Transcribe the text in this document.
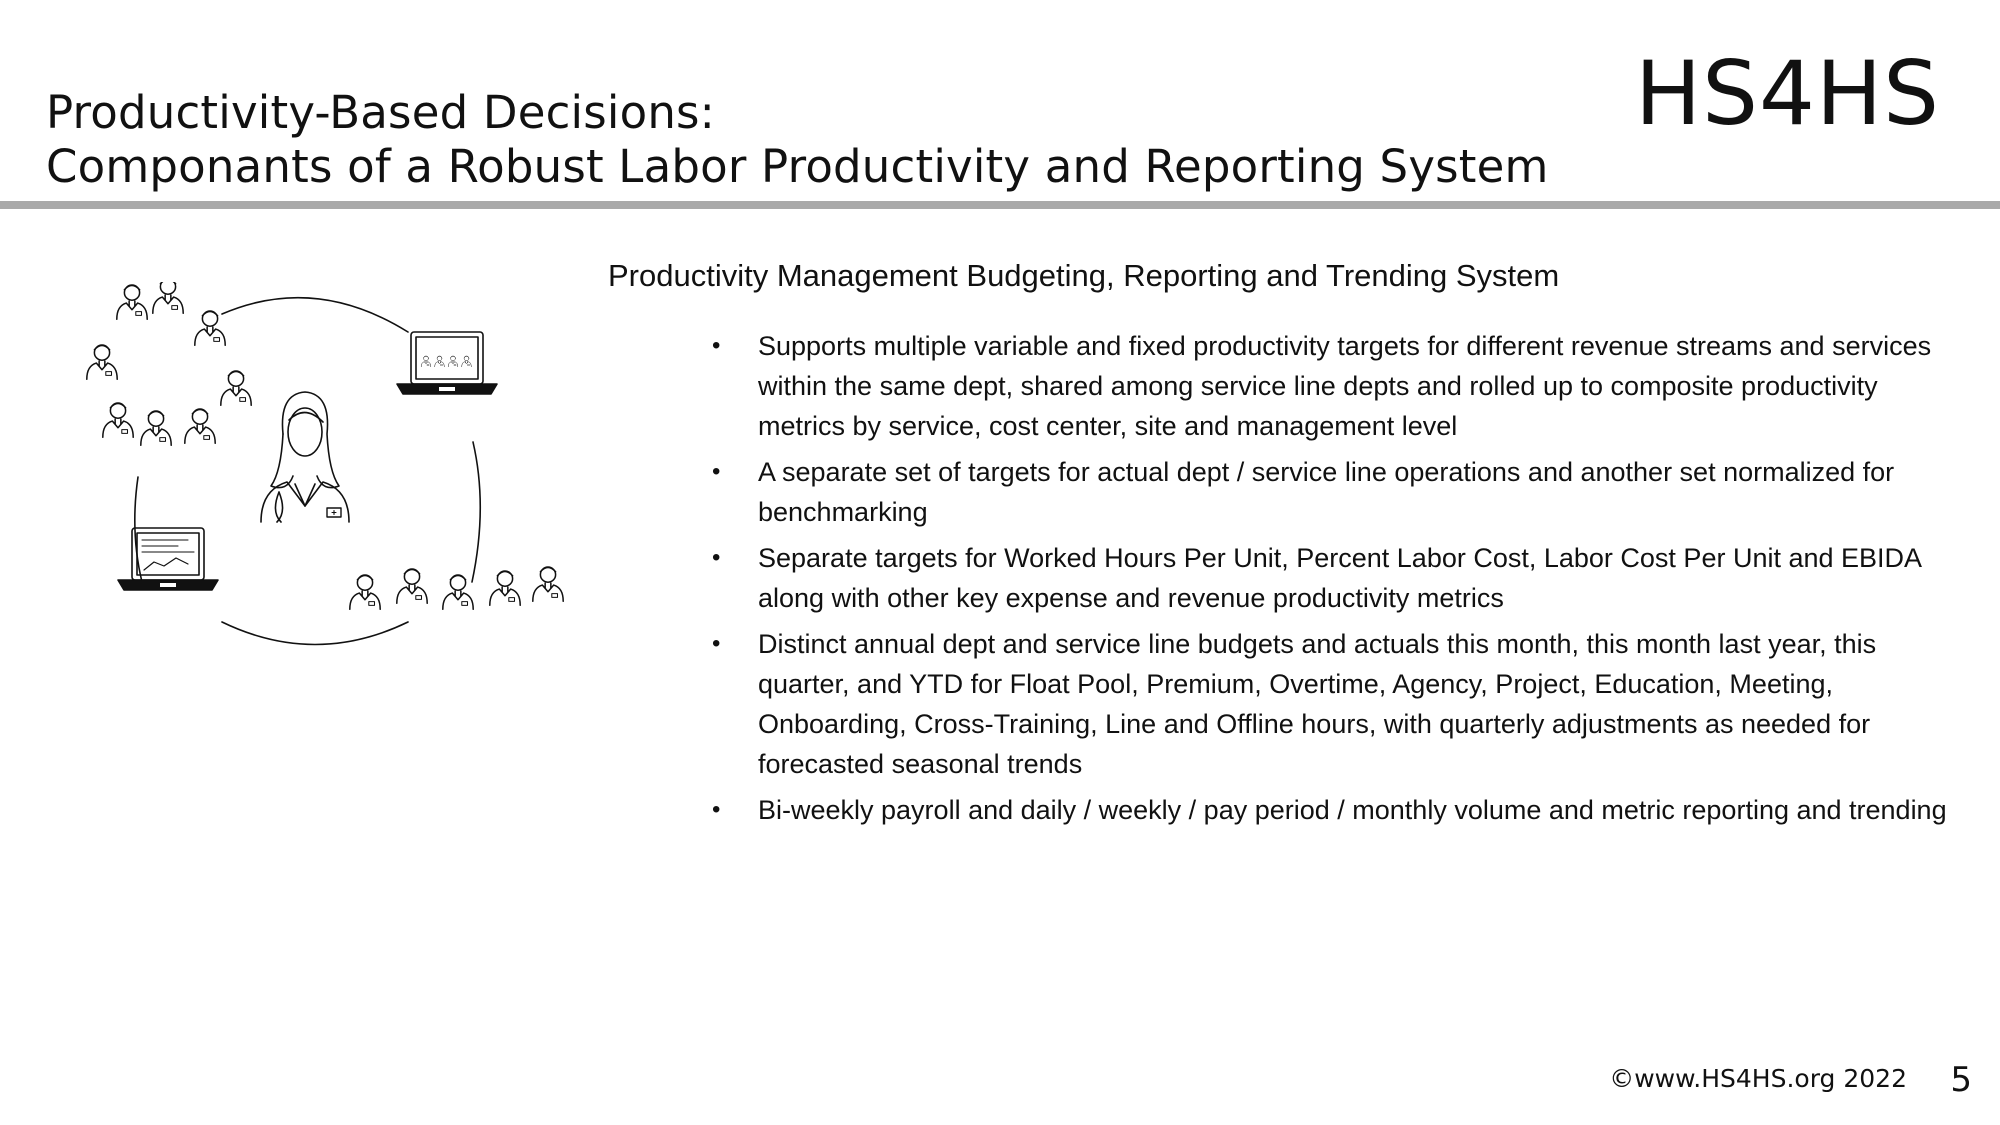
Productivity-Based Decisions:
Componants of a Robust Labor Productivity and Reporting System
HS4HS
Productivity Management Budgeting, Reporting and Trending System
• Supports multiple variable and fixed productivity targets for different revenue streams and services within the same dept, shared among service line depts and rolled up to composite productivity metrics by service, cost center, site and management level
• A separate set of targets for actual dept / service line operations and another set normalized for benchmarking
• Separate targets for Worked Hours Per Unit, Percent Labor Cost, Labor Cost Per Unit and EBIDA along with other key expense and revenue productivity metrics
• Distinct annual dept and service line budgets and actuals this month, this month last year, this quarter, and YTD for Float Pool, Premium, Overtime, Agency, Project, Education, Meeting, Onboarding, Cross-Training, Line and Offline hours, with quarterly adjustments as needed for forecasted seasonal trends
• Bi-weekly payroll and daily / weekly / pay period / monthly volume and metric reporting and trending
©www.HS4HS.org 2022 5
